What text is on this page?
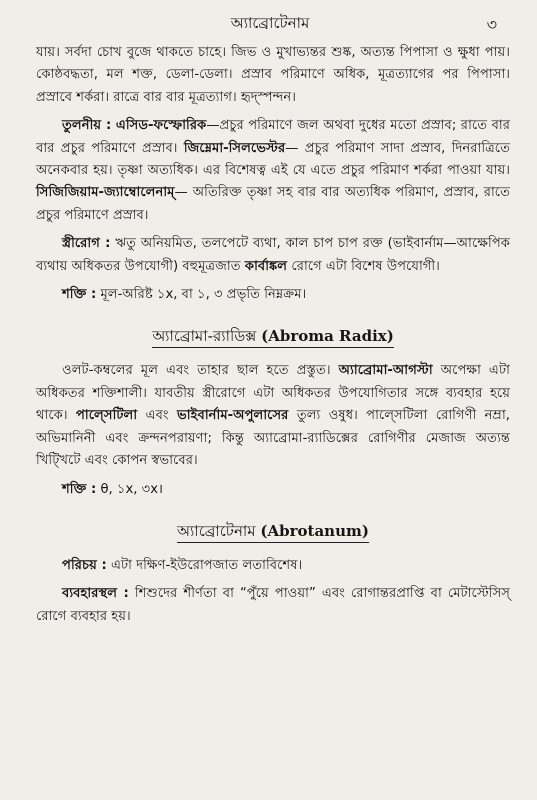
অ্যাব্রোটেনাম	৩

যায়। সর্বদা চোখ বুজে থাকতে চাহে। জিভ ও মুখাভ্যন্তর শুষ্ক, অত্যন্ত পিপাসা ও ক্ষুধা পায়। কোষ্ঠবদ্ধতা, মল শক্ত, ডেলা-ডেলা। প্রস্রাব পরিমাণে অধিক, মূত্রত্যাগের পর পিপাসা। প্রস্রাবে শর্করা। রাত্রে বার বার মূত্রত্যাগ। হৃদ্স্পন্দন।

তুলনীয় : এসিড-ফস্ফোরিক—প্রচুর পরিমাণে জল অথবা দুধের মতো প্রস্রাব; রাতে বার বার প্রচুর পরিমাণে প্রস্রাব। জিম্নেমা-সিলভেস্টর— প্রচুর পরিমাণ সাদা প্রস্রাব, দিনরাত্রিতে অনেকবার হয়। তৃষ্ণা অত্যধিক। এর বিশেষত্ব এই যে এতে প্রচুর পরিমাণ শর্করা পাওয়া যায়। সিজিজিয়াম-জ্যাম্বোলেনাম্— অতিরিক্ত তৃষ্ণা সহ বার বার অত্যধিক পরিমাণ, প্রস্রাব, রাতে প্রচুর পরিমাণে প্রস্রাব।

স্ত্রীরোগ : ঋতু অনিয়মিত, তলপেটে ব্যথা, কাল চাপ চাপ রক্ত (ভাইবার্নাম—আক্ষেপিক ব্যথায় অধিকতর উপযোগী) বহুমূত্রজাত কার্বাঙ্কল রোগে এটা বিশেষ উপযোগী।

শক্তি : মূল-অরিষ্ট ১x, বা ১, ৩ প্রভৃতি নিম্নক্রম।

অ্যাব্রোমা-র‍্যাডিক্স (Abroma Radix)

ওলট-কম্বলের মূল এবং তাহার ছাল হতে প্রস্তুত। অ্যাব্রোমা-আগস্টা অপেক্ষা এটা অধিকতর শক্তিশালী। যাবতীয় স্ত্রীরোগে এটা অধিকতর উপযোগিতার সঙ্গে ব্যবহার হয়ে থাকে। পাল্সেটিলা এবং ভাইবার্নাম-অপুলাসের তুল্য ওষুধ। পাল্সেটিলা রোগিণী নম্রা, অভিমানিনী এবং ক্রন্দনপরায়ণা; কিন্তু অ্যাব্রোমা-র‍্যাডিক্সের রোগিণীর মেজাজ অত্যন্ত খিট্খিটে এবং কোপন স্বভাবের।

শক্তি : θ, ১x, ৩x।

অ্যাব্রোটেনাম (Abrotanum)

পরিচয় : এটা দক্ষিণ-ইউরোপজাত লতাবিশেষ।

ব্যবহারস্থল : শিশুদের শীর্ণতা বা “পুঁয়ে পাওয়া” এবং রোগান্তরপ্রাপ্তি বা মেটাস্টেসিস্ রোগে ব্যবহার হয়।
